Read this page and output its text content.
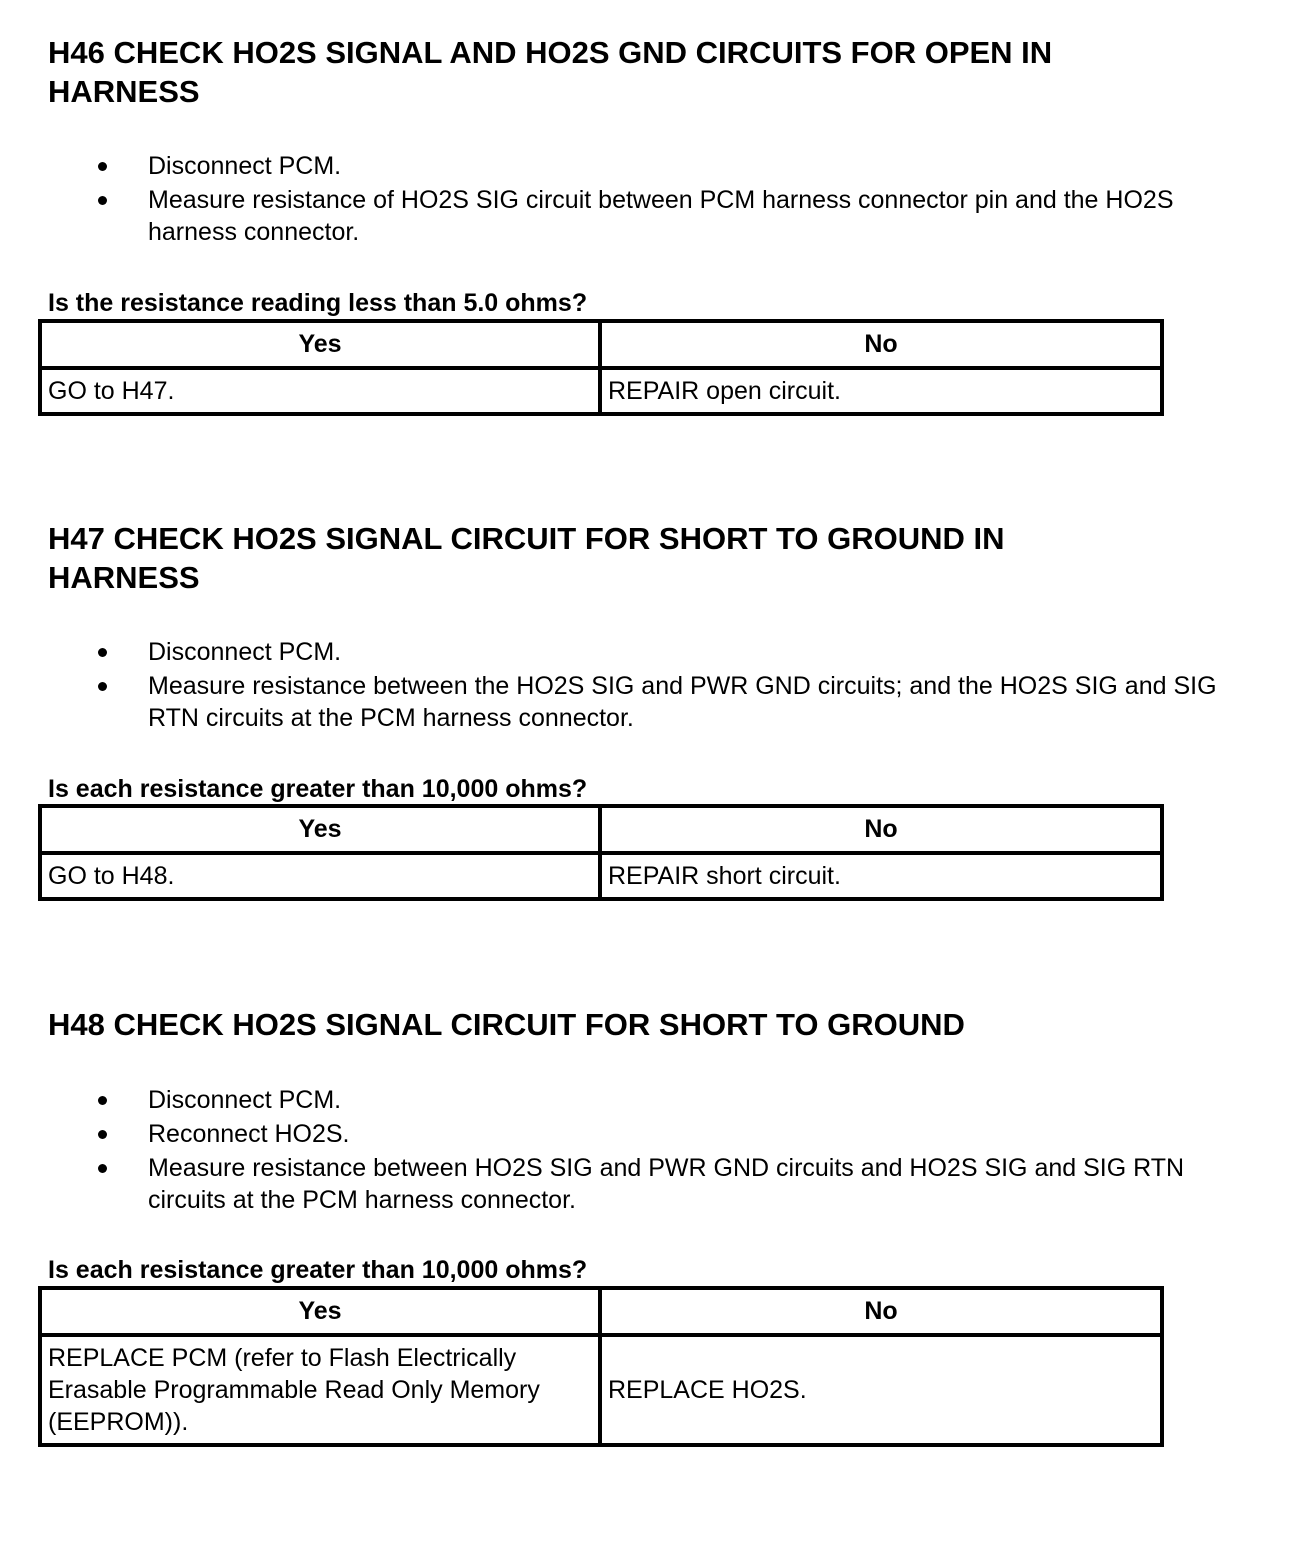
H46 CHECK HO2S SIGNAL AND HO2S GND CIRCUITS FOR OPEN IN
HARNESS
Disconnect PCM.
Measure resistance of HO2S SIG circuit between PCM harness connector pin and the HO2S harness connector.
Is the resistance reading less than 5.0 ohms?
Yes	No
GO to H47.	REPAIR open circuit.
H47 CHECK HO2S SIGNAL CIRCUIT FOR SHORT TO GROUND IN
HARNESS
Disconnect PCM.
Measure resistance between the HO2S SIG and PWR GND circuits; and the HO2S SIG and SIG RTN circuits at the PCM harness connector.
Is each resistance greater than 10,000 ohms?
Yes	No
GO to H48.	REPAIR short circuit.
H48 CHECK HO2S SIGNAL CIRCUIT FOR SHORT TO GROUND
Disconnect PCM.
Reconnect HO2S.
Measure resistance between HO2S SIG and PWR GND circuits and HO2S SIG and SIG RTN circuits at the PCM harness connector.
Is each resistance greater than 10,000 ohms?
Yes	No
REPLACE PCM (refer to Flash Electrically Erasable Programmable Read Only Memory (EEPROM)).	REPLACE HO2S.
